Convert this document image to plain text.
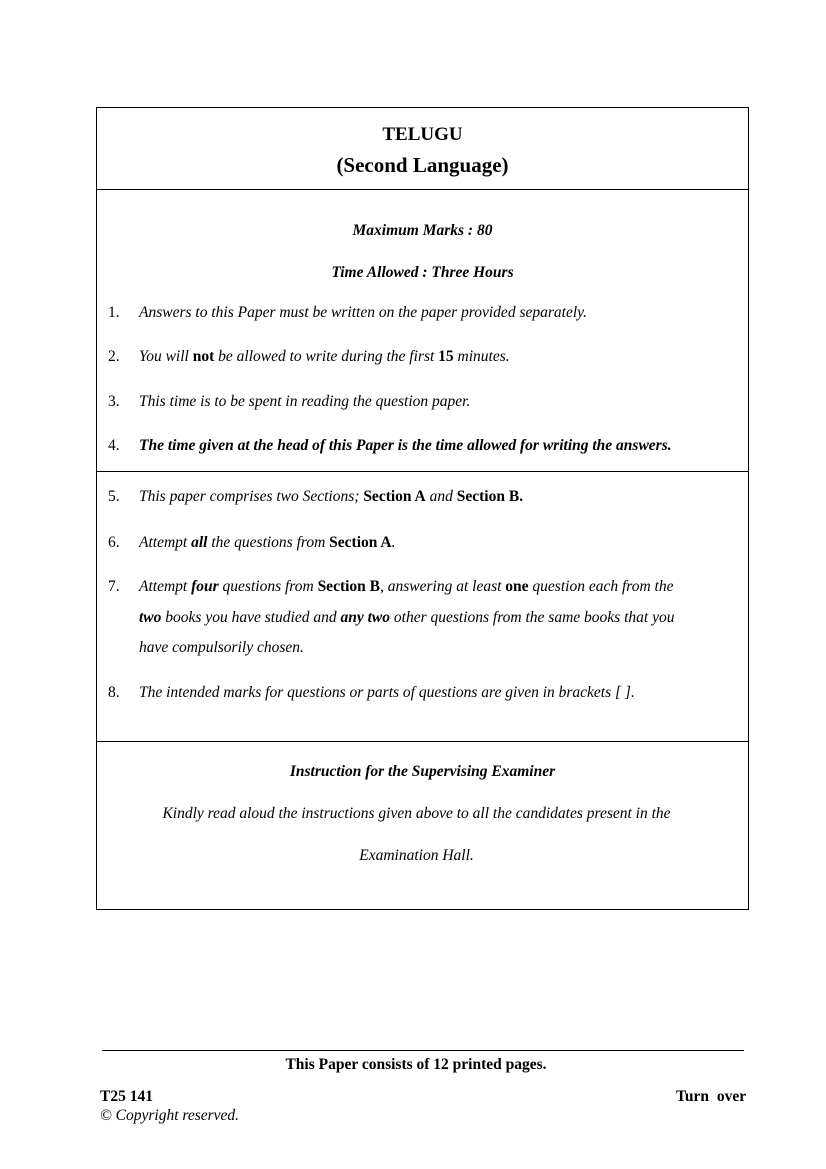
TELUGU
(Second Language)
Maximum Marks : 80
Time Allowed : Three Hours
1. Answers to this Paper must be written on the paper provided separately.
2. You will not be allowed to write during the first 15 minutes.
3. This time is to be spent in reading the question paper.
4. The time given at the head of this Paper is the time allowed for writing the answers.
5. This paper comprises two Sections; Section A and Section B.
6. Attempt all the questions from Section A.
7. Attempt four questions from Section B, answering at least one question each from the
two books you have studied and any two other questions from the same books that you
have compulsorily chosen.
8. The intended marks for questions or parts of questions are given in brackets [ ].
Instruction for the Supervising Examiner
Kindly read aloud the instructions given above to all the candidates present in the
Examination Hall.
This Paper consists of 12 printed pages.
T25 141	Turn over
© Copyright reserved.
